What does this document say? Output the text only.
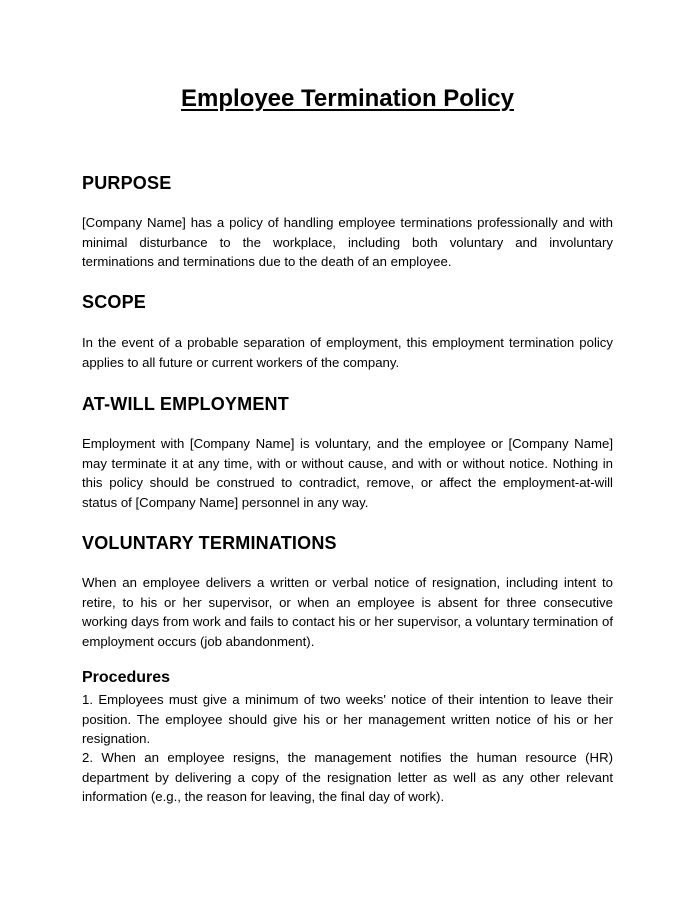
Employee Termination Policy
PURPOSE

[Company Name] has a policy of handling employee terminations professionally and with minimal disturbance to the workplace, including both voluntary and involuntary terminations and terminations due to the death of an employee.

SCOPE

In the event of a probable separation of employment, this employment termination policy applies to all future or current workers of the company.

AT-WILL EMPLOYMENT

Employment with [Company Name] is voluntary, and the employee or [Company Name] may terminate it at any time, with or without cause, and with or without notice. Nothing in this policy should be construed to contradict, remove, or affect the employment-at-will status of [Company Name] personnel in any way.

VOLUNTARY TERMINATIONS

When an employee delivers a written or verbal notice of resignation, including intent to retire, to his or her supervisor, or when an employee is absent for three consecutive working days from work and fails to contact his or her supervisor, a voluntary termination of employment occurs (job abandonment).

Procedures

1. Employees must give a minimum of two weeks' notice of their intention to leave their position. The employee should give his or her management written notice of his or her resignation.

2. When an employee resigns, the management notifies the human resource (HR) department by delivering a copy of the resignation letter as well as any other relevant information (e.g., the reason for leaving, the final day of work).
